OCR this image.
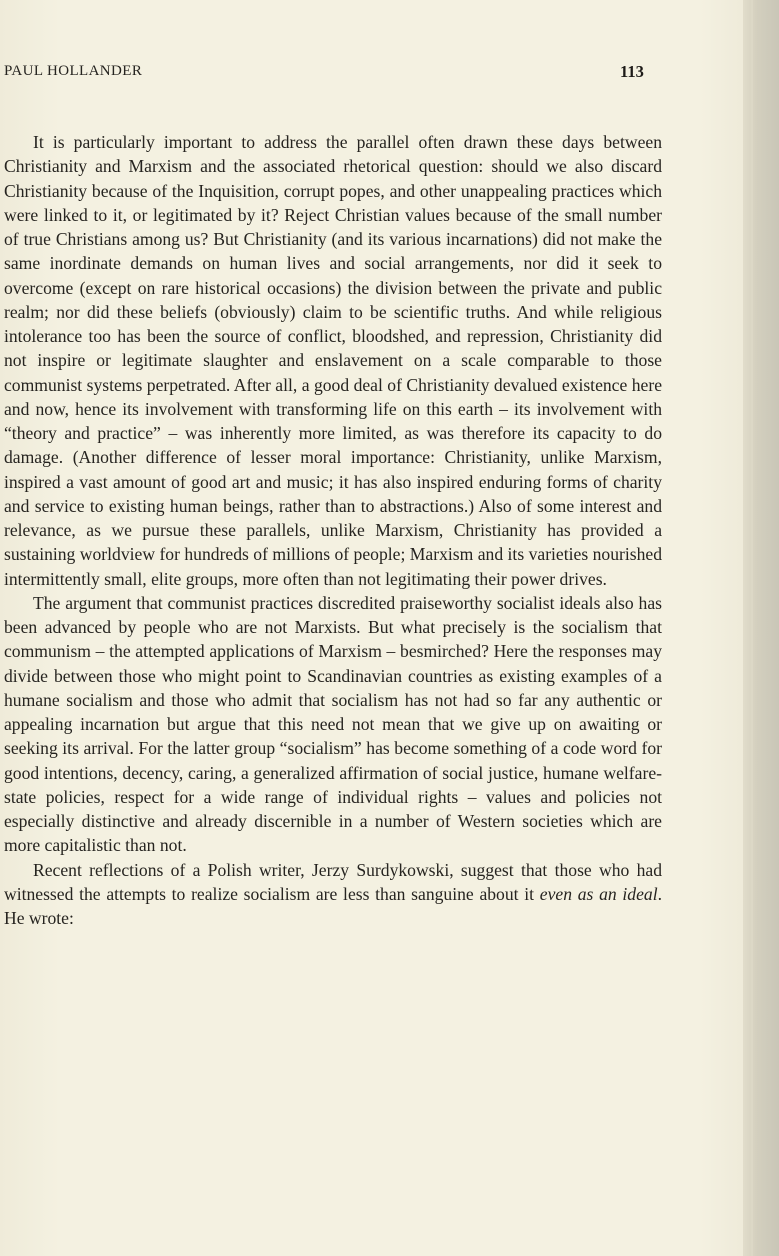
PAUL HOLLANDER	113

It is particularly important to address the parallel often drawn these days between Christianity and Marxism and the associated rhetorical question: should we also discard Christianity because of the Inquisition, corrupt popes, and other unappealing practices which were linked to it, or legitimated by it? Reject Christian values because of the small number of true Christians among us? But Christianity (and its various incarnations) did not make the same inordinate demands on human lives and social arrangements, nor did it seek to overcome (except on rare historical occasions) the division between the private and public realm; nor did these beliefs (obviously) claim to be scientific truths. And while religious intolerance too has been the source of conflict, bloodshed, and repression, Christianity did not inspire or legitimate slaughter and enslavement on a scale comparable to those communist systems perpetrated. After all, a good deal of Christianity devalued existence here and now, hence its involvement with transforming life on this earth – its involvement with “theory and practice” – was inherently more limited, as was therefore its capacity to do damage. (Another difference of lesser moral importance: Christianity, unlike Marxism, inspired a vast amount of good art and music; it has also inspired enduring forms of charity and service to existing human beings, rather than to abstractions.) Also of some interest and relevance, as we pursue these parallels, unlike Marxism, Christianity has provided a sustaining worldview for hundreds of millions of people; Marxism and its varieties nourished intermittently small, elite groups, more often than not legitimating their power drives.

The argument that communist practices discredited praiseworthy socialist ideals also has been advanced by people who are not Marxists. But what precisely is the socialism that communism – the attempted applications of Marxism – besmirched? Here the responses may divide between those who might point to Scandinavian countries as existing examples of a humane socialism and those who admit that socialism has not had so far any authentic or appealing incarnation but argue that this need not mean that we give up on awaiting or seeking its arrival. For the latter group “socialism” has become something of a code word for good intentions, decency, caring, a generalized affirmation of social justice, humane welfare-state policies, respect for a wide range of individual rights – values and policies not especially distinctive and already discernible in a number of Western societies which are more capitalistic than not.

Recent reflections of a Polish writer, Jerzy Surdykowski, suggest that those who had witnessed the attempts to realize socialism are less than sanguine about it even as an ideal. He wrote:
